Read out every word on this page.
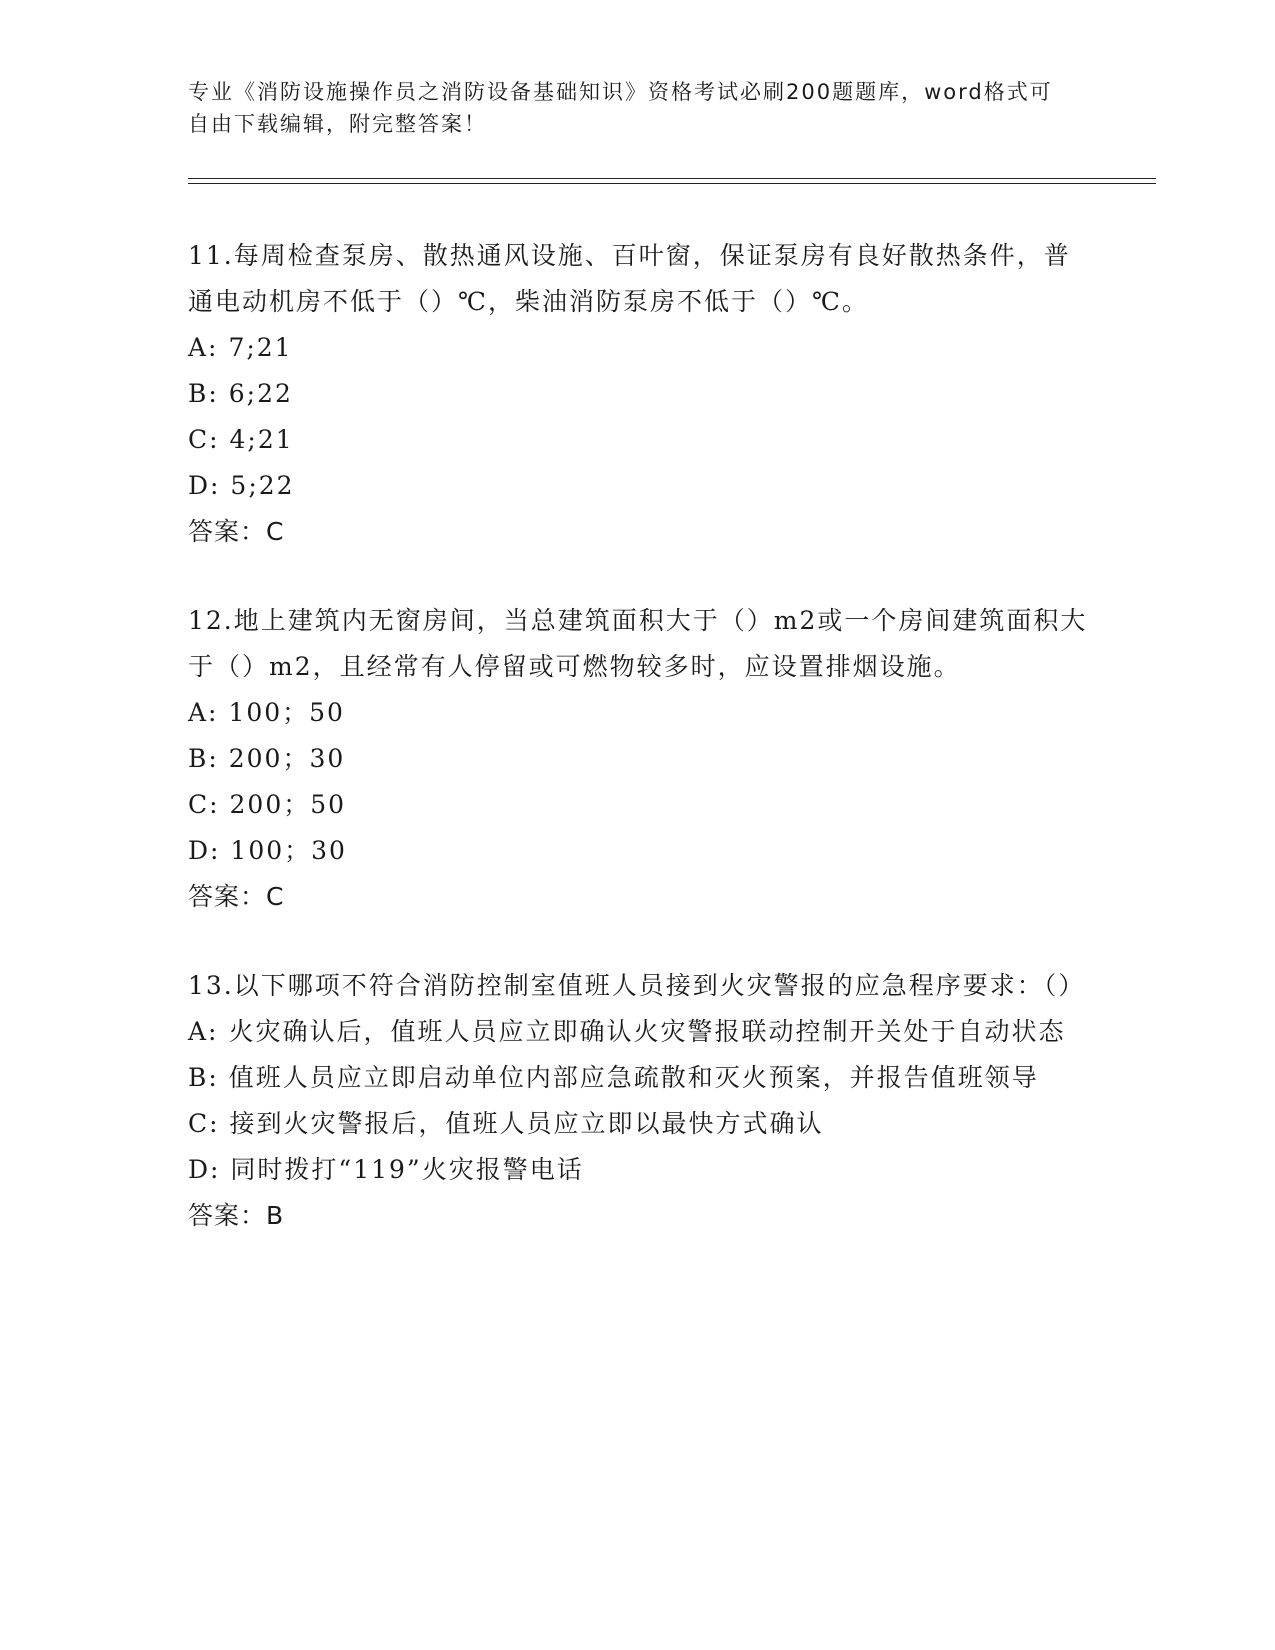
专业《消防设施操作员之消防设备基础知识》资格考试必刷200题题库，word格式可自由下载编辑，附完整答案！

11.每周检查泵房、散热通风设施、百叶窗，保证泵房有良好散热条件，普通电动机房不低于（）℃，柴油消防泵房不低于（）℃。

A: 7;21
B: 6;22
C: 4;21
D: 5;22
答案：C

12.地上建筑内无窗房间，当总建筑面积大于（）m2或一个房间建筑面积大于（）m2，且经常有人停留或可燃物较多时，应设置排烟设施。

A: 100；50
B: 200；30
C: 200；50
D: 100；30
答案：C

13.以下哪项不符合消防控制室值班人员接到火灾警报的应急程序要求：（）

A: 火灾确认后，值班人员应立即确认火灾警报联动控制开关处于自动状态
B: 值班人员应立即启动单位内部应急疏散和灭火预案，并报告值班领导
C: 接到火灾警报后，值班人员应立即以最快方式确认
D: 同时拨打“119”火灾报警电话
答案：B
